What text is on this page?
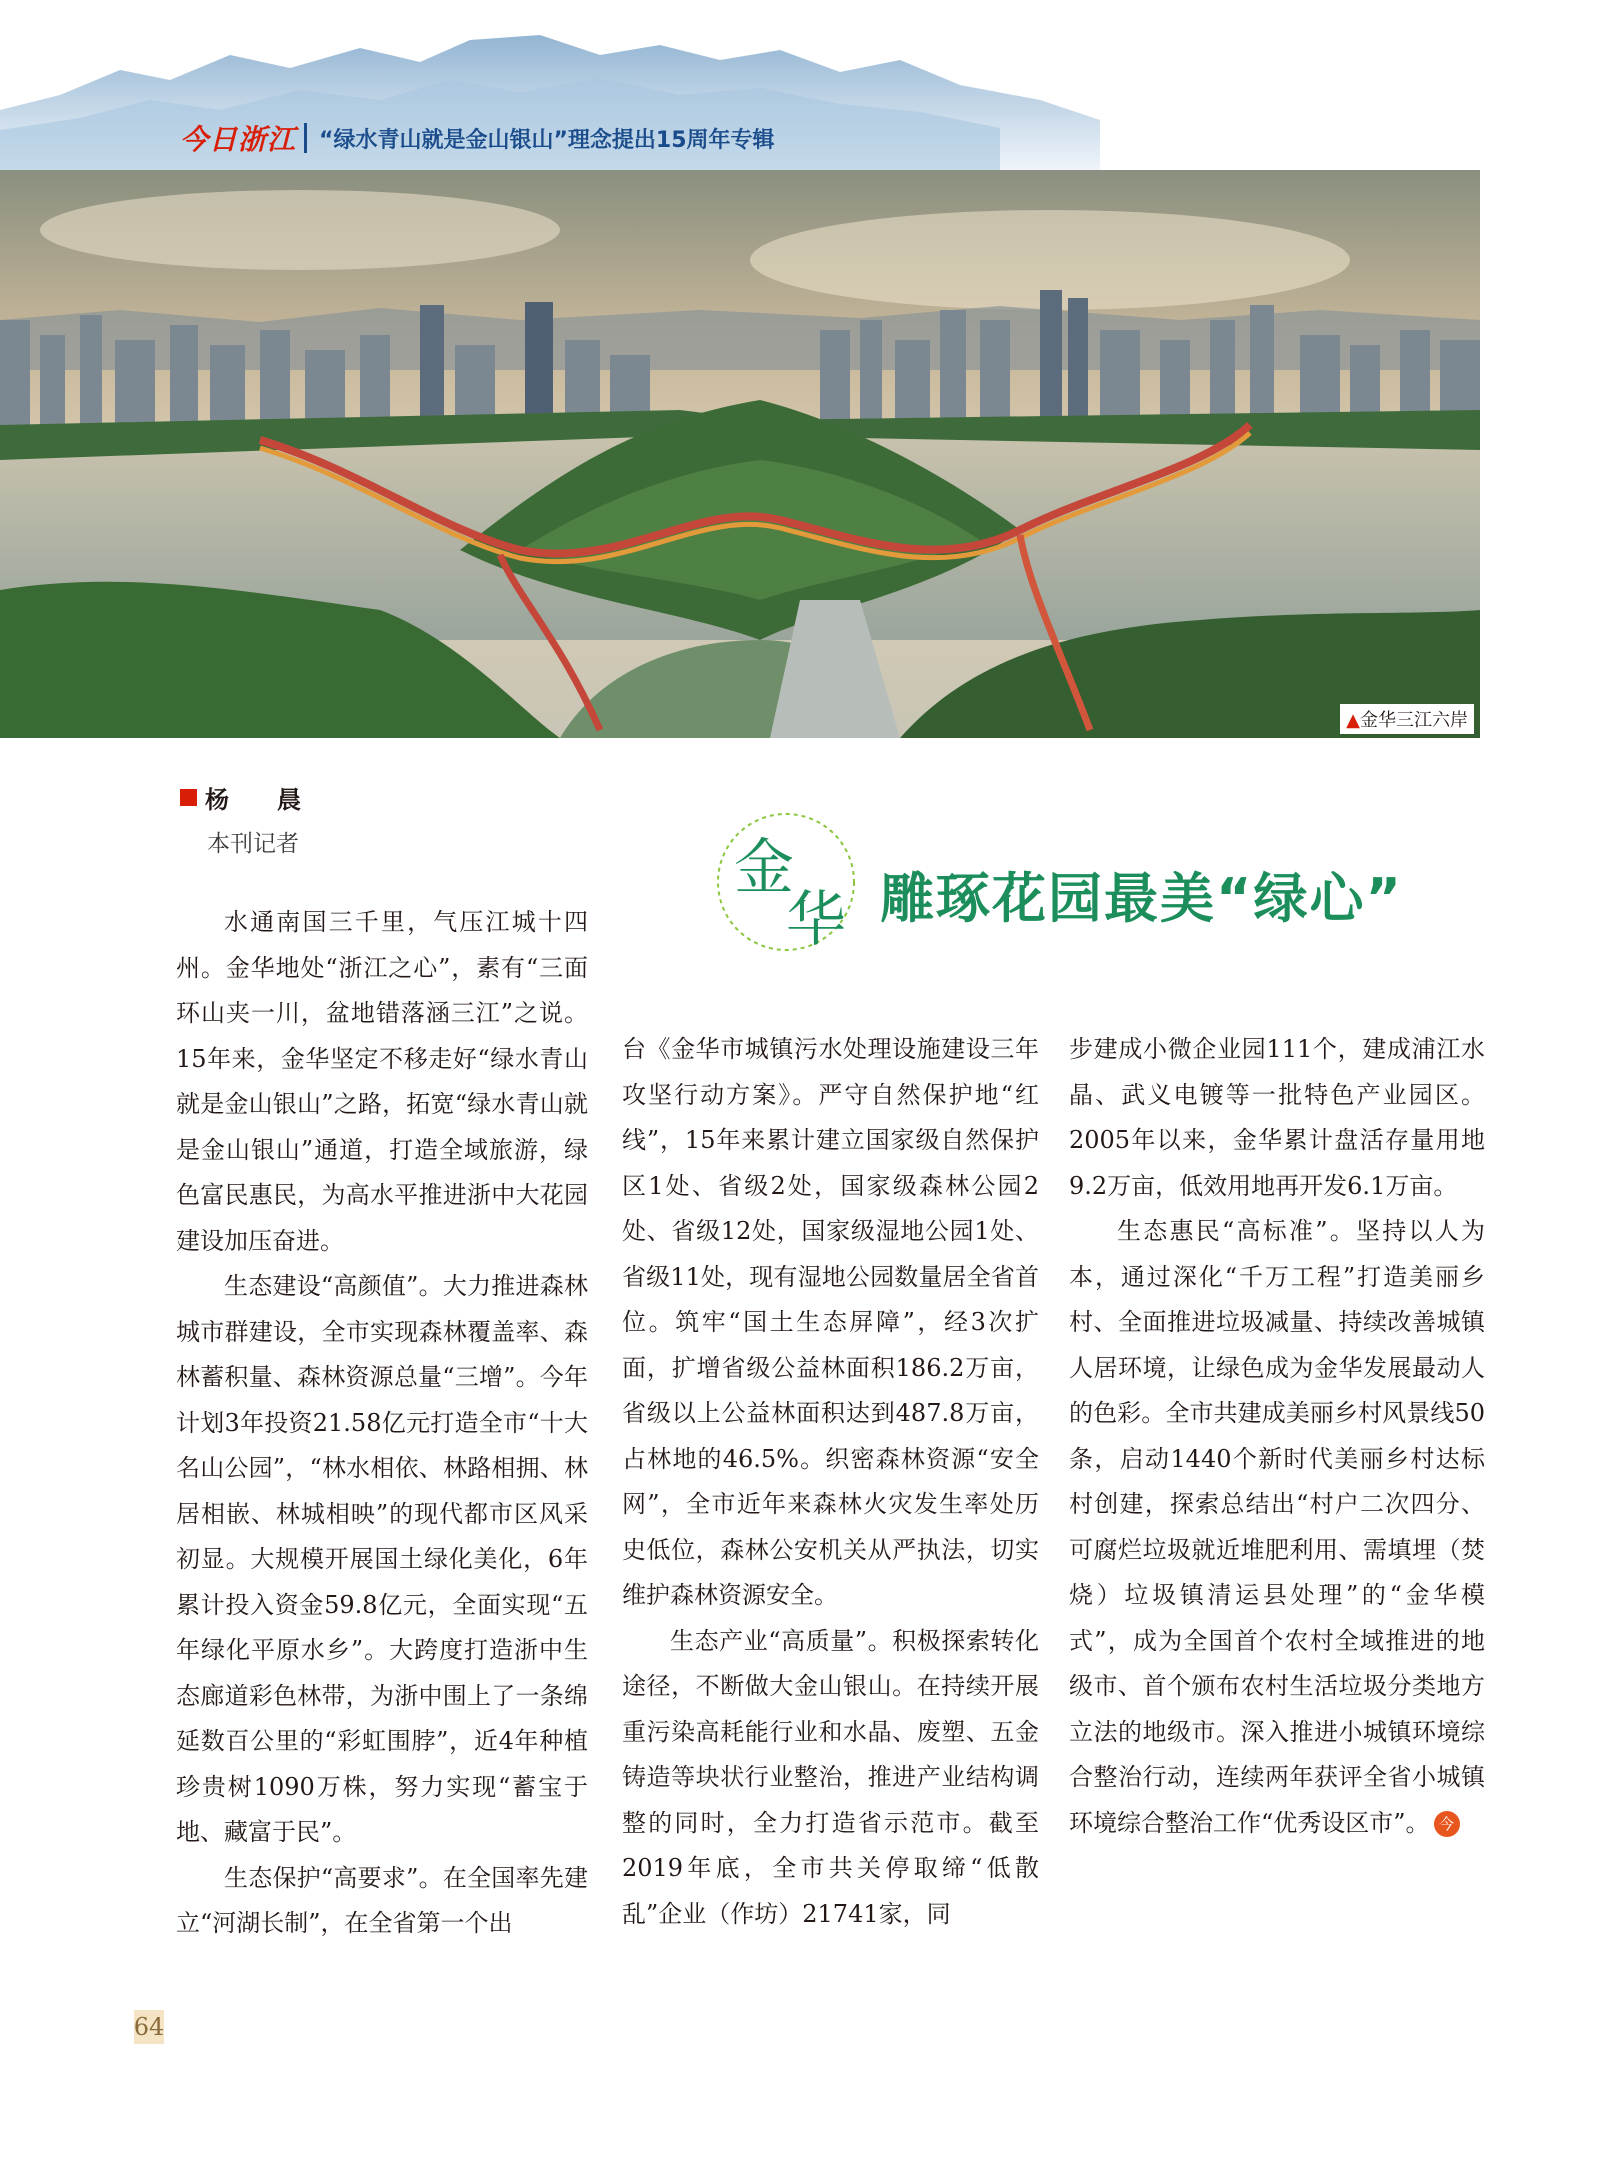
今日浙江 “绿水青山就是金山银山”理念提出15周年专辑
▲金华三江六岸
杨　晨
本刊记者	金
华 雕琢花园最美“绿心”

水通南国三千里，气压江城十四州。金华地处“浙江之心”，素有“三面环山夹一川，盆地错落涵三江”之说。15年来，金华坚定不移走好“绿水青山就是金山银山”之路，拓宽“绿水青山就是金山银山”通道，打造全域旅游，绿色富民惠民，为高水平推进浙中大花园建设加压奋进。

生态建设“高颜值”。大力推进森林城市群建设，全市实现森林覆盖率、森林蓄积量、森林资源总量“三增”。今年计划3年投资21.58亿元打造全市“十大名山公园”，“林水相依、林路相拥、林居相嵌、林城相映”的现代都市区风采初显。大规模开展国土绿化美化，6年累计投入资金59.8亿元，全面实现“五年绿化平原水乡”。大跨度打造浙中生态廊道彩色林带，为浙中围上了一条绵延数百公里的“彩虹围脖”，近4年种植珍贵树1090万株，努力实现“蓄宝于地、藏富于民”。

生态保护“高要求”。在全国率先建立“河湖长制”，在全省第一个出

台《金华市城镇污水处理设施建设三年攻坚行动方案》。严守自然保护地“红线”，15年来累计建立国家级自然保护区1处、省级2处，国家级森林公园2处、省级12处，国家级湿地公园1处、省级11处，现有湿地公园数量居全省首位。筑牢“国土生态屏障”，经3次扩面，扩增省级公益林面积186.2万亩，省级以上公益林面积达到487.8万亩，占林地的46.5%。织密森林资源“安全网”，全市近年来森林火灾发生率处历史低位，森林公安机关从严执法，切实维护森林资源安全。

生态产业“高质量”。积极探索转化途径，不断做大金山银山。在持续开展重污染高耗能行业和水晶、废塑、五金铸造等块状行业整治，推进产业结构调整的同时，全力打造省示范市。截至2019年底，全市共关停取缔“低散乱”企业（作坊）21741家，同

步建成小微企业园111个，建成浦江水晶、武义电镀等一批特色产业园区。2005年以来，金华累计盘活存量用地9.2万亩，低效用地再开发6.1万亩。

生态惠民“高标准”。坚持以人为本，通过深化“千万工程”打造美丽乡村、全面推进垃圾减量、持续改善城镇人居环境，让绿色成为金华发展最动人的色彩。全市共建成美丽乡村风景线50条，启动1440个新时代美丽乡村达标村创建，探索总结出“村户二次四分、可腐烂垃圾就近堆肥利用、需填埋（焚烧）垃圾镇清运县处理”的“金华模式”，成为全国首个农村全域推进的地级市、首个颁布农村生活垃圾分类地方立法的地级市。深入推进小城镇环境综合整治行动，连续两年获评全省小城镇环境综合整治工作“优秀设区市”。 今

64
